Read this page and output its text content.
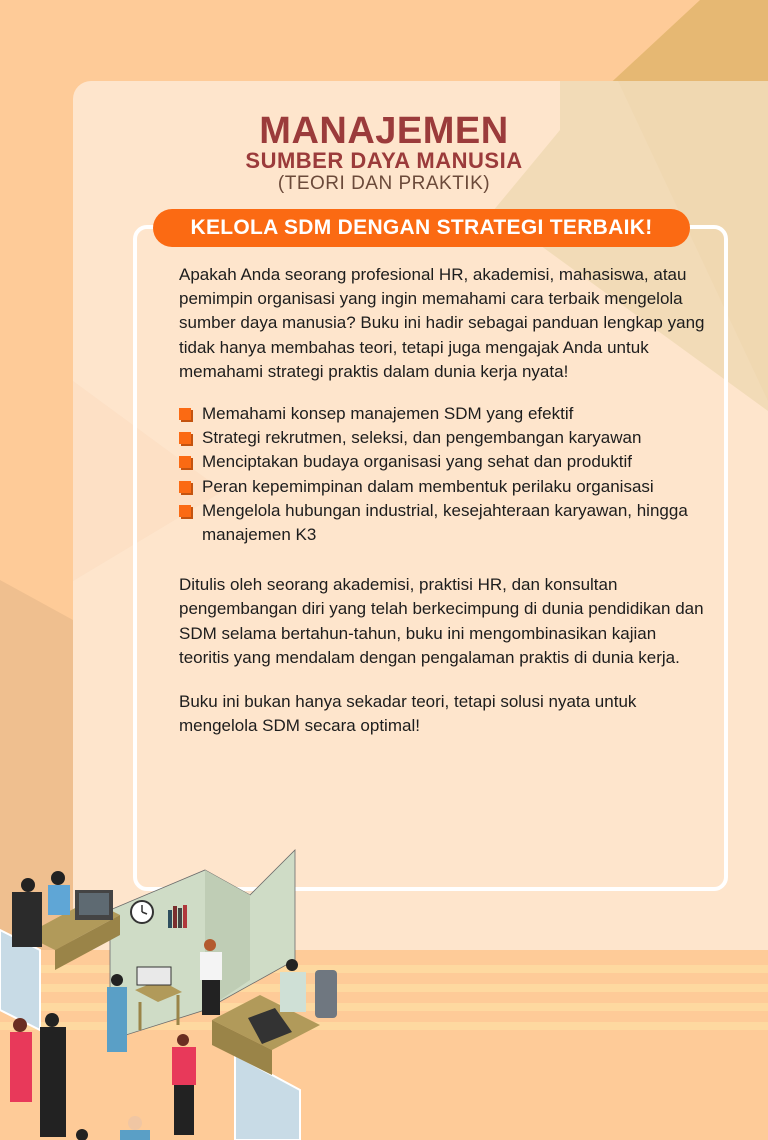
MANAJEMEN
SUMBER DAYA MANUSIA
(TEORI DAN PRAKTIK)
KELOLA SDM DENGAN STRATEGI TERBAIK!

Apakah Anda seorang profesional HR, akademisi, mahasiswa, atau pemimpin organisasi yang ingin memahami cara terbaik mengelola sumber daya manusia? Buku ini hadir sebagai panduan lengkap yang tidak hanya membahas teori, tetapi juga mengajak Anda untuk memahami strategi praktis dalam dunia kerja nyata!

Memahami konsep manajemen SDM yang efektif
Strategi rekrutmen, seleksi, dan pengembangan karyawan
Menciptakan budaya organisasi yang sehat dan produktif
Peran kepemimpinan dalam membentuk perilaku organisasi
Mengelola hubungan industrial, kesejahteraan karyawan, hingga manajemen K3

Ditulis oleh seorang akademisi, praktisi HR, dan konsultan pengembangan diri yang telah berkecimpung di dunia pendidikan dan SDM selama bertahun-tahun, buku ini mengombinasikan kajian teoritis yang mendalam dengan pengalaman praktis di dunia kerja.

Buku ini bukan hanya sekadar teori, tetapi solusi nyata untuk mengelola SDM secara optimal!
